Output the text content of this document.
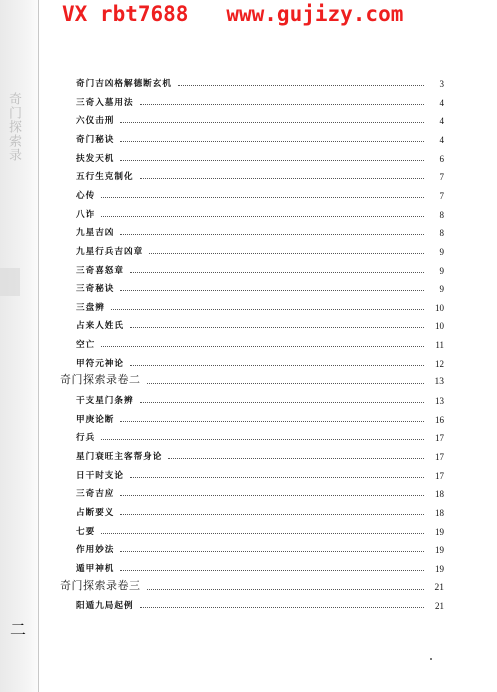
奇门探索录
二
VX rbt7688   www.gujizy.com
奇门吉凶格解德断玄机	3
三奇入墓用法	4
六仪击刑	4
奇门秘诀	4
扶发天机	6
五行生克制化	7
心传	7
八诈	8
九星吉凶	8
九星行兵吉凶章	9
三奇喜怒章	9
三奇秘诀	9
三盘辨	10
占来人姓氏	10
空亡	11
甲符元神论	12
奇门探索录卷二	13
干支星门条辨	13
甲庚论断	16
行兵	17
星门衰旺主客帮身论	17
日干时支论	17
三奇吉应	18
占断要义	18
七要	19
作用妙法	19
遁甲神机	19
奇门探索录卷三	21
阳遁九局起例	21
